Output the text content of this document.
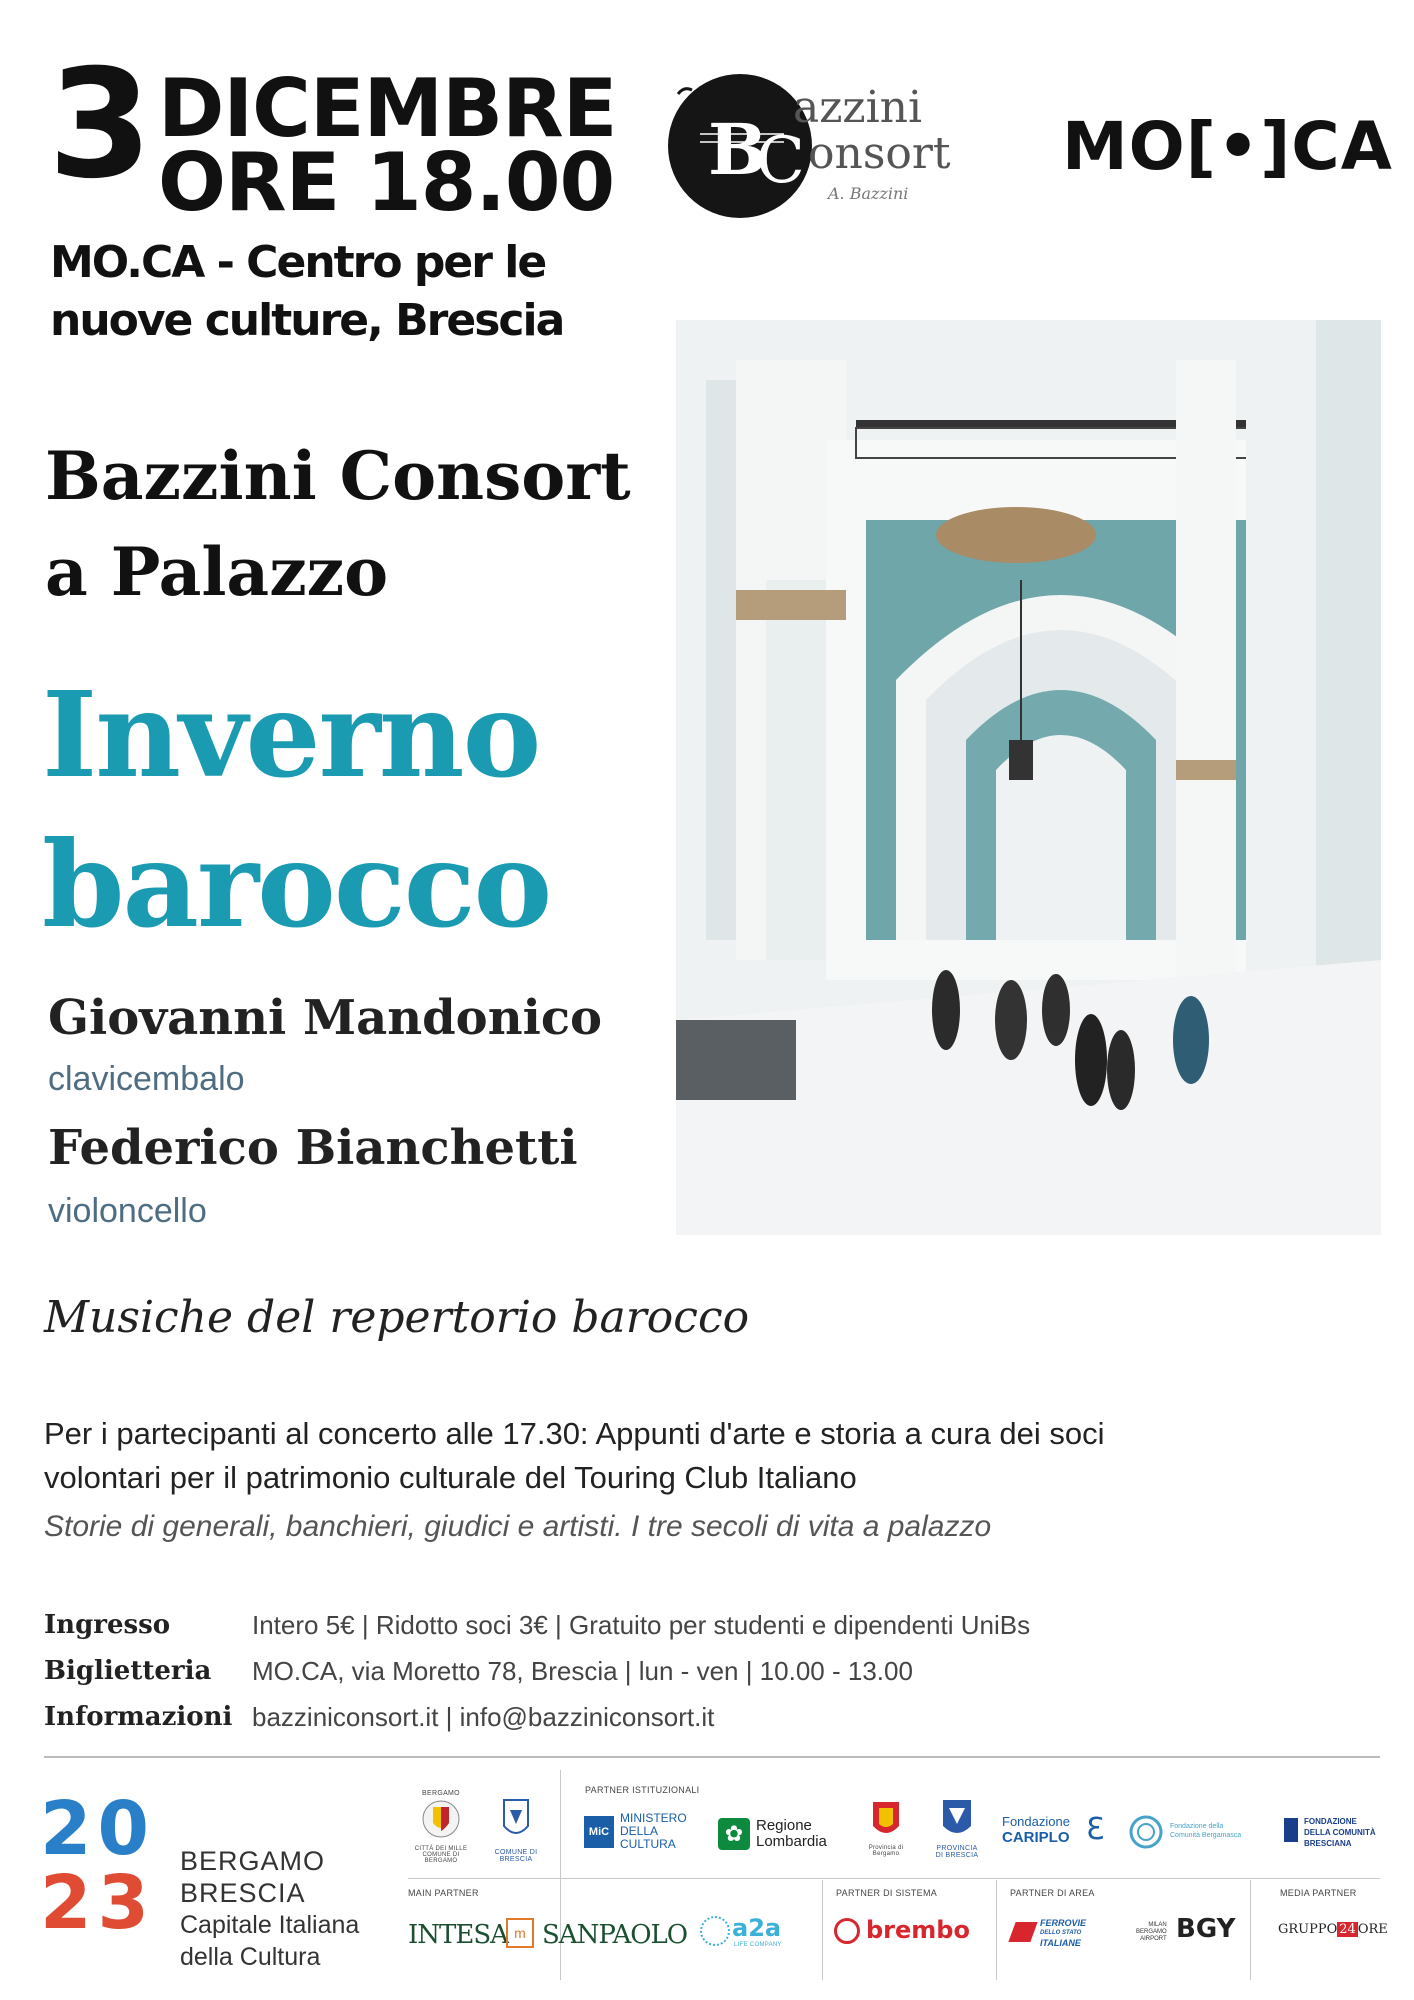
3 DICEMBRE
ORE 18.00
MO.CA - Centro per le
nuove culture, Brescia
B
C
azzini
onsort
A. Bazzini
MO[•]CA
Bazzini Consort
a Palazzo
Inverno
barocco
Giovanni Mandonico
clavicembalo
Federico Bianchetti
violoncello
Musiche del repertorio barocco
Per i partecipanti al concerto alle 17.30: Appunti d'arte e storia a cura dei soci
volontari per il patrimonio culturale del Touring Club Italiano
Storie di generali, banchieri, giudici e artisti. I tre secoli di vita a palazzo
Ingresso	Intero 5€ | Ridotto soci 3€ | Gratuito per studenti e dipendenti UniBs
Biglietteria MO.CA, via Moretto 78, Brescia | lun - ven | 10.00 - 13.00
Informazioni bazziniconsort.it | info@bazziniconsort.it
20
23 BERGAMO
BRESCIA
Capitale Italiana
della Cultura
BERGAMO
CITTÀ DEI MILLE
COMUNE DI BERGAMO
COMUNE DI BRESCIA
PARTNER ISTITUZIONALI
MiC
MINISTERO
DELLA
CULTURA	✿ Regione
Lombardia	Provincia di
Bergamo
PROVINCIA
DI BRESCIA
Fondazione
CARIPLO ℇ	Fondazione della
Comunità Bergamasca
FONDAZIONE
DELLA COMUNITÀ
BRESCIANA
MAIN PARTNER	PARTNER DI SISTEMA	PARTNER DI AREA	MEDIA PARTNER
INTESA m SANPAOLO a2a
LIFE COMPANY
brembo	FERROVIE
DELLO STATO
ITALIANE
MILAN
BERGAMO
AIRPORT BGY	GRUPPO 24 ORE
